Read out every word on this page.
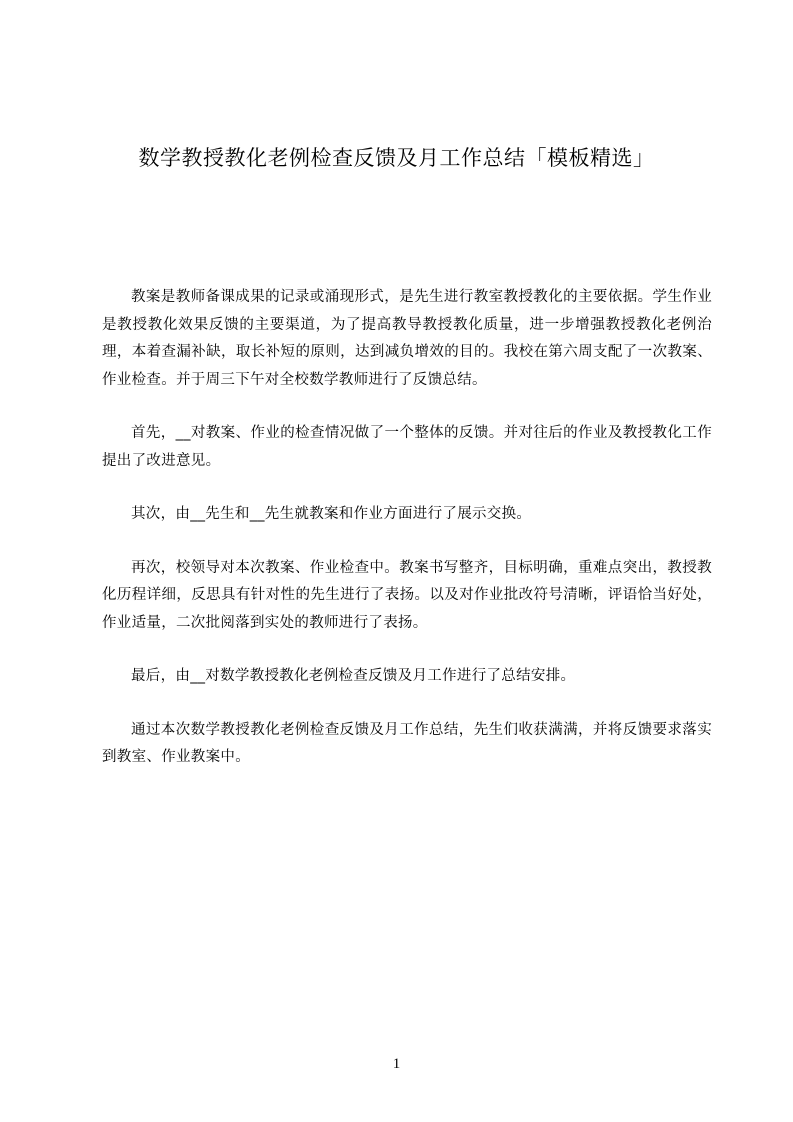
数学教授教化老例检查反馈及月工作总结「模板精选」

教案是教师备课成果的记录或涌现形式，是先生进行教室教授教化的主要依据。学生作业是教授教化效果反馈的主要渠道，为了提高教导教授教化质量，进一步增强教授教化老例治理，本着查漏补缺，取长补短的原则，达到减负增效的目的。我校在第六周支配了一次教案、作业检查。并于周三下午对全校数学教师进行了反馈总结。

首先，__对教案、作业的检查情况做了一个整体的反馈。并对往后的作业及教授教化工作提出了改进意见。

其次，由__先生和__先生就教案和作业方面进行了展示交换。

再次，校领导对本次教案、作业检查中。教案书写整齐，目标明确，重难点突出，教授教化历程详细，反思具有针对性的先生进行了表扬。以及对作业批改符号清晰，评语恰当好处，作业适量，二次批阅落到实处的教师进行了表扬。

最后，由__对数学教授教化老例检查反馈及月工作进行了总结安排。

通过本次数学教授教化老例检查反馈及月工作总结，先生们收获满满，并将反馈要求落实到教室、作业教案中。

1
